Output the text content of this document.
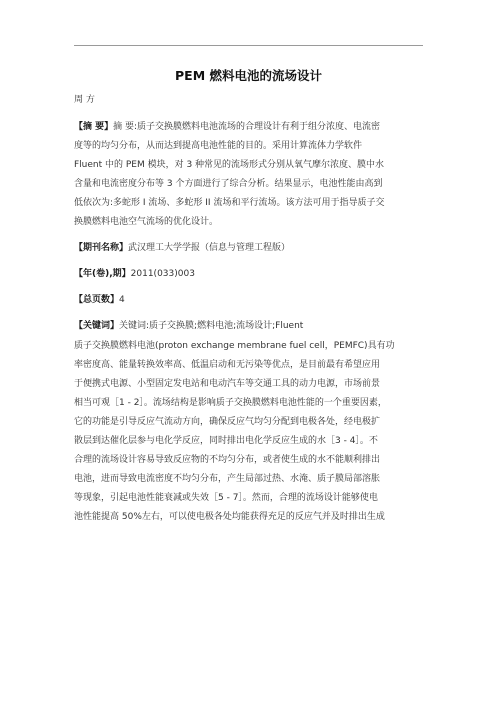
PEM 燃料电池的流场设计
周 方
【摘 要】摘 要:质子交换膜燃料电池流场的合理设计有利于组分浓度、电流密
度等的均匀分布，从而达到提高电池性能的目的。采用计算流体力学软件
Fluent 中的 PEM 模块，对 3 种常见的流场形式分别从氧气摩尔浓度、膜中水
含量和电流密度分布等 3 个方面进行了综合分析。结果显示，电池性能由高到
低依次为:多蛇形 I 流场、多蛇形 II 流场和平行流场。该方法可用于指导质子交
换膜燃料电池空气流场的优化设计。
【期刊名称】武汉理工大学学报（信息与管理工程版）
【年(卷),期】2011(033)003
【总页数】4
【关键词】关键词:质子交换膜;燃料电池;流场设计;Fluent
质子交换膜燃料电池(proton exchange membrane fuel cell，PEMFC)具有功
率密度高、能量转换效率高、低温启动和无污染等优点，是目前最有希望应用
于便携式电源、小型固定发电站和电动汽车等交通工具的动力电源，市场前景
相当可观［1 - 2］。流场结构是影响质子交换膜燃料电池性能的一个重要因素，
它的功能是引导反应气流动方向，确保反应气均匀分配到电极各处，经电极扩
散层到达催化层参与电化学反应，同时排出电化学反应生成的水［3 - 4］。不
合理的流场设计容易导致反应物的不均匀分布，或者使生成的水不能顺利排出
电池，进而导致电流密度不均匀分布，产生局部过热、水淹、质子膜局部溶胀
等现象，引起电池性能衰减或失效［5 - 7］。然而，合理的流场设计能够使电
池性能提高 50%左右，可以使电极各处均能获得充足的反应气并及时排出生成
